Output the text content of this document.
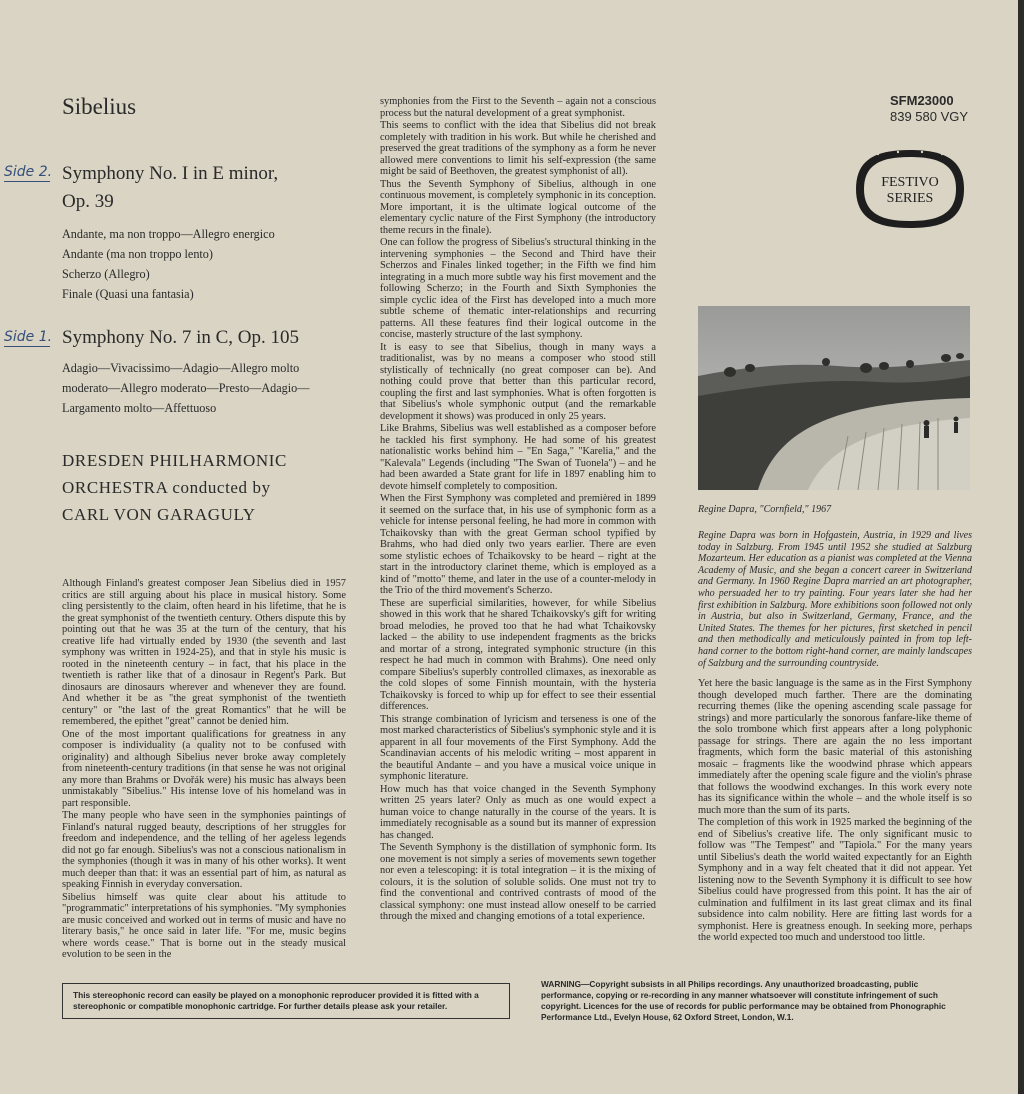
Sibelius
Side 2. Symphony No. I in E minor,
Op. 39
Andante, ma non troppo—Allegro energico
Andante (ma non troppo lento)
Scherzo (Allegro)
Finale (Quasi una fantasia)
Side 1. Symphony No. 7 in C, Op. 105
Adagio—Vivacissimo—Adagio—Allegro molto
moderato—Allegro moderato—Presto—Adagio—
Largamento molto—Affettuoso
DRESDEN PHILHARMONIC
ORCHESTRA conducted by
CARL VON GARAGULY

Although Finland's greatest composer Jean Sibelius died in 1957 critics are still arguing about his place in musical history. Some cling persistently to the claim, often heard in his lifetime, that he is the great symphonist of the twentieth century. Others dispute this by pointing out that he was 35 at the turn of the century, that his creative life had virtually ended by 1930 (the seventh and last symphony was written in 1924-25), and that in style his music is rooted in the nineteenth century – in fact, that his place in the twentieth is rather like that of a dinosaur in Regent's Park. But dinosaurs are dinosaurs wherever and whenever they are found. And whether it be as "the great symphonist of the twentieth century" or "the last of the great Romantics" that he will be remembered, the epithet "great" cannot be denied him.

One of the most important qualifications for greatness in any composer is individuality (a quality not to be confused with originality) and although Sibelius never broke away completely from nineteenth-century traditions (in that sense he was not original any more than Brahms or Dvořák were) his music has always been unmistakably "Sibelius." His intense love of his homeland was in part responsible.

The many people who have seen in the symphonies paintings of Finland's natural rugged beauty, descriptions of her struggles for freedom and independence, and the telling of her ageless legends did not go far enough. Sibelius's was not a conscious nationalism in the symphonies (though it was in many of his other works). It went much deeper than that: it was an essential part of him, as natural as speaking Finnish in everyday conversation.

Sibelius himself was quite clear about his attitude to "programmatic" interpretations of his symphonies. "My symphonies are music conceived and worked out in terms of music and have no literary basis," he once said in later life. "For me, music begins where words cease." That is borne out in the steady musical evolution to be seen in the

symphonies from the First to the Seventh – again not a conscious process but the natural development of a great symphonist.

This seems to conflict with the idea that Sibelius did not break completely with tradition in his work. But while he cherished and preserved the great traditions of the symphony as a form he never allowed mere conventions to limit his self-expression (the same might be said of Beethoven, the greatest symphonist of all).

Thus the Seventh Symphony of Sibelius, although in one continuous movement, is completely symphonic in its conception. More important, it is the ultimate logical outcome of the elementary cyclic nature of the First Symphony (the introductory theme recurs in the finale).

One can follow the progress of Sibelius's structural thinking in the intervening symphonies – the Second and Third have their Scherzos and Finales linked together; in the Fifth we find him integrating in a much more subtle way his first movement and the following Scherzo; in the Fourth and Sixth Symphonies the simple cyclic idea of the First has developed into a much more subtle scheme of thematic inter-relationships and recurring patterns. All these features find their logical outcome in the concise, masterly structure of the last symphony.

It is easy to see that Sibelius, though in many ways a traditionalist, was by no means a composer who stood still stylistically of technically (no great composer can be). And nothing could prove that better than this particular record, coupling the first and last symphonies. What is often forgotten is that Sibelius's whole symphonic output (and the remarkable development it shows) was produced in only 25 years.

Like Brahms, Sibelius was well established as a composer before he tackled his first symphony. He had some of his greatest nationalistic works behind him – "En Saga," "Karelia," and the "Kalevala" Legends (including "The Swan of Tuonela") – and he had been awarded a State grant for life in 1897 enabling him to devote himself completely to composition.

When the First Symphony was completed and premièred in 1899 it seemed on the surface that, in his use of symphonic form as a vehicle for intense personal feeling, he had more in common with Tchaikovsky than with the great German school typified by Brahms, who had died only two years earlier. There are even some stylistic echoes of Tchaikovsky to be heard – right at the start in the introductory clarinet theme, which is employed as a kind of "motto" theme, and later in the use of a counter-melody in the Trio of the third movement's Scherzo.

These are superficial similarities, however, for while Sibelius showed in this work that he shared Tchaikovsky's gift for writing broad melodies, he proved too that he had what Tchaikovsky lacked – the ability to use independent fragments as the bricks and mortar of a strong, integrated symphonic structure (in this respect he had much in common with Brahms). One need only compare Sibelius's superbly controlled climaxes, as inexorable as the cold slopes of some Finnish mountain, with the hysteria Tchaikovsky is forced to whip up for effect to see their essential differences.

This strange combination of lyricism and terseness is one of the most marked characteristics of Sibelius's symphonic style and it is apparent in all four movements of the First Symphony. Add the Scandinavian accents of his melodic writing – most apparent in the beautiful Andante – and you have a musical voice unique in symphonic literature.

How much has that voice changed in the Seventh Symphony written 25 years later? Only as much as one would expect a human voice to change naturally in the course of the years. It is immediately recognisable as a sound but its manner of expression has changed.

The Seventh Symphony is the distillation of symphonic form. Its one movement is not simply a series of movements sewn together nor even a telescoping: it is total integration – it is the mixing of colours, it is the solution of soluble solids. One must not try to find the conventional and contrived contrasts of mood of the classical symphony: one must instead allow oneself to be carried through the mixed and changing emotions of a total experience.

SFM23000
839 580 VGY
FESTIVO
SERIES
Regine Dapra, "Cornfield," 1967
Regine Dapra was born in Hofgastein, Austria, in 1929 and lives today in Salzburg. From 1945 until 1952 she studied at Salzburg Mozarteum. Her education as a pianist was completed at the Vienna Academy of Music, and she began a concert career in Switzerland and Germany. In 1960 Regine Dapra married an art photographer, who persuaded her to try painting. Four years later she had her first exhibition in Salzburg. More exhibitions soon followed not only in Austria, but also in Switzerland, Germany, France, and the United States. The themes for her pictures, first sketched in pencil and then methodically and meticulously painted in from top left-hand corner to the bottom right-hand corner, are mainly landscapes of Salzburg and the surrounding countryside.

Yet here the basic language is the same as in the First Symphony though developed much farther. There are the dominating recurring themes (like the opening ascending scale passage for strings) and more particularly the sonorous fanfare-like theme of the solo trombone which first appears after a long polyphonic passage for strings. There are again the no less important fragments, which form the basic material of this astonishing mosaic – fragments like the woodwind phrase which appears immediately after the opening scale figure and the violin's phrase that follows the woodwind exchanges. In this work every note has its significance within the whole – and the whole itself is so much more than the sum of its parts.

The completion of this work in 1925 marked the beginning of the end of Sibelius's creative life. The only significant music to follow was "The Tempest" and "Tapiola." For the many years until Sibelius's death the world waited expectantly for an Eighth Symphony and in a way felt cheated that it did not appear. Yet listening now to the Seventh Symphony it is difficult to see how Sibelius could have progressed from this point. It has the air of culmination and fulfilment in its last great climax and its final subsidence into calm nobility. Here are fitting last words for a symphonist. Here is greatness enough. In seeking more, perhaps the world expected too much and understood too little.

This stereophonic record can easily be played on a monophonic reproducer provided it is fitted with a stereophonic or compatible monophonic cartridge. For further details please ask your retailer.
WARNING—Copyright subsists in all Philips recordings. Any unauthorized broadcasting, public performance, copying or re-recording in any manner whatsoever will constitute infringement of such copyright. Licences for the use of records for public performance may be obtained from Phonographic Performance Ltd., Evelyn House, 62 Oxford Street, London, W.1.
